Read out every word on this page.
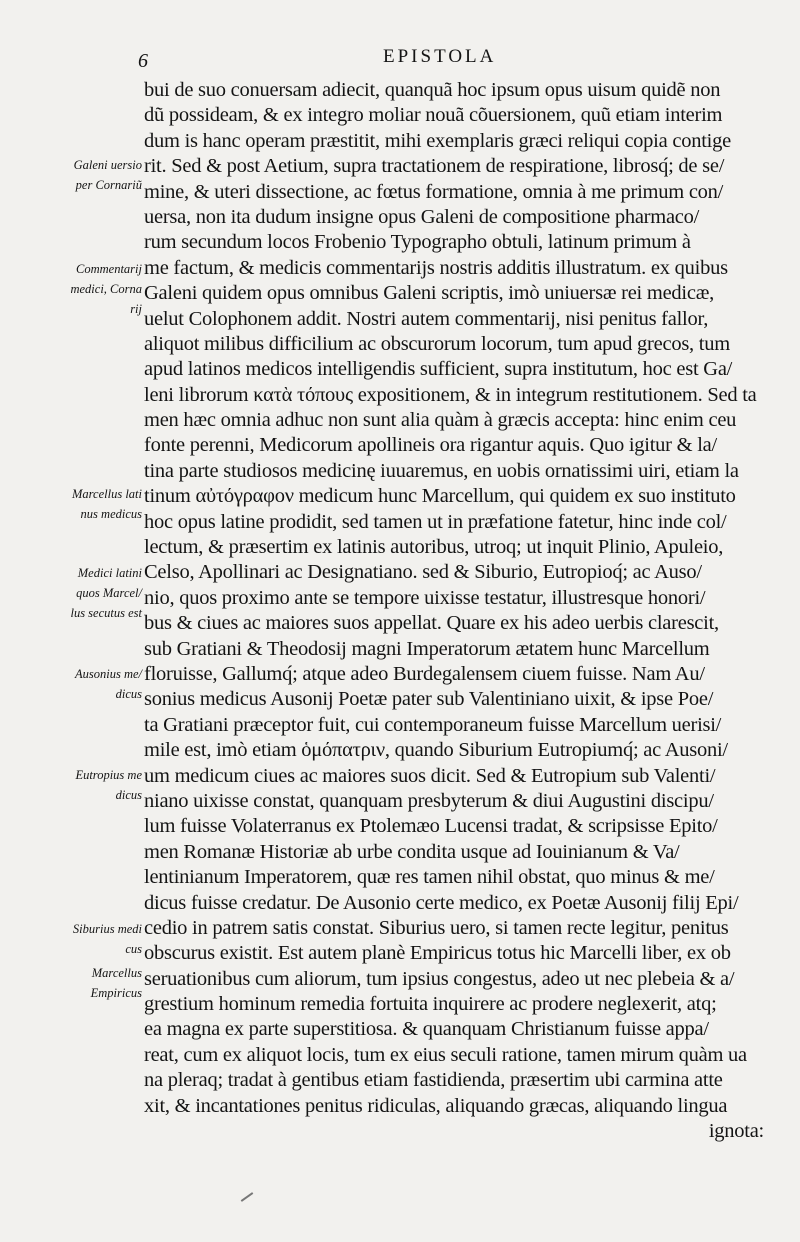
6	EPISTOLA
bui de suo conuersam adiecit, quanquã hoc ipsum opus uisum quidẽ non
dũ possideam, & ex integro moliar nouã cõuersionem, quũ etiam interim
dum is hanc operam præstitit, mihi exemplaris græci reliqui copia contige
rit. Sed & post Aetium, supra tractationem de respiratione, librosq́; de se/
mine, & uteri dissectione, ac fœtus formatione, omnia à me primum con/
uersa, non ita dudum insigne opus Galeni de compositione pharmaco/
rum secundum locos Frobenio Typographo obtuli, latinum primum à
me factum, & medicis commentarijs nostris additis illustratum. ex quibus
Galeni quidem opus omnibus Galeni scriptis, imò uniuersæ rei medicæ,
uelut Colophonem addit. Nostri autem commentarij, nisi penitus fallor,
aliquot milibus difficilium ac obscurorum locorum, tum apud grecos, tum
apud latinos medicos intelligendis sufficient, supra institutum, hoc est Ga/
leni librorum κατὰ τόπους expositionem, & in integrum restitutionem. Sed ta
men hæc omnia adhuc non sunt alia quàm à græcis accepta: hinc enim ceu
fonte perenni, Medicorum apollineis ora rigantur aquis. Quo igitur & la/
tina parte studiosos medicinę iuuaremus, en uobis ornatissimi uiri, etiam la
tinum αὐτόγραφον medicum hunc Marcellum, qui quidem ex suo instituto
hoc opus latine prodidit, sed tamen ut in præfatione fatetur, hinc inde col/
lectum, & præsertim ex latinis autoribus, utroq; ut inquit Plinio, Apuleio,
Celso, Apollinari ac Designatiano. sed & Siburio, Eutropioq́; ac Auso/
nio, quos proximo ante se tempore uixisse testatur, illustresque honori/
bus & ciues ac maiores suos appellat. Quare ex his adeo uerbis clarescit,
sub Gratiani & Theodosij magni Imperatorum ætatem hunc Marcellum
floruisse, Gallumq́; atque adeo Burdegalensem ciuem fuisse. Nam Au/
sonius medicus Ausonij Poetæ pater sub Valentiniano uixit, & ipse Poe/
ta Gratiani præceptor fuit, cui contemporaneum fuisse Marcellum uerisi/
mile est, imò etiam ὁμόπατριν, quando Siburium Eutropiumq́; ac Ausoni/
um medicum ciues ac maiores suos dicit. Sed & Eutropium sub Valenti/
niano uixisse constat, quanquam presbyterum & diui Augustini discipu/
lum fuisse Volaterranus ex Ptolemæo Lucensi tradat, & scripsisse Epito/
men Romanæ Historiæ ab urbe condita usque ad Iouinianum & Va/
lentinianum Imperatorem, quæ res tamen nihil obstat, quo minus & me/
dicus fuisse credatur. De Ausonio certe medico, ex Poetæ Ausonij filij Epi/
cedio in patrem satis constat. Siburius uero, si tamen recte legitur, penitus
obscurus existit. Est autem planè Empiricus totus hic Marcelli liber, ex ob
seruationibus cum aliorum, tum ipsius congestus, adeo ut nec plebeia & a/
grestium hominum remedia fortuita inquirere ac prodere neglexerit, atq;
ea magna ex parte superstitiosa. & quanquam Christianum fuisse appa/
reat, cum ex aliquot locis, tum ex eius seculi ratione, tamen mirum quàm ua
na pleraq; tradat à gentibus etiam fastidienda, præsertim ubi carmina atte
xit, & incantationes penitus ridiculas, aliquando græcas, aliquando lingua
ignota:
Galeni uersio
per Cornariũ
Commentarij
medici, Corna
rij
Marcellus lati
nus medicus
Medici latini
quos Marcel/
lus secutus est
Ausonius me/
dicus
Eutropius me
dicus
Siburius medi
cus
Marcellus
Empiricus
